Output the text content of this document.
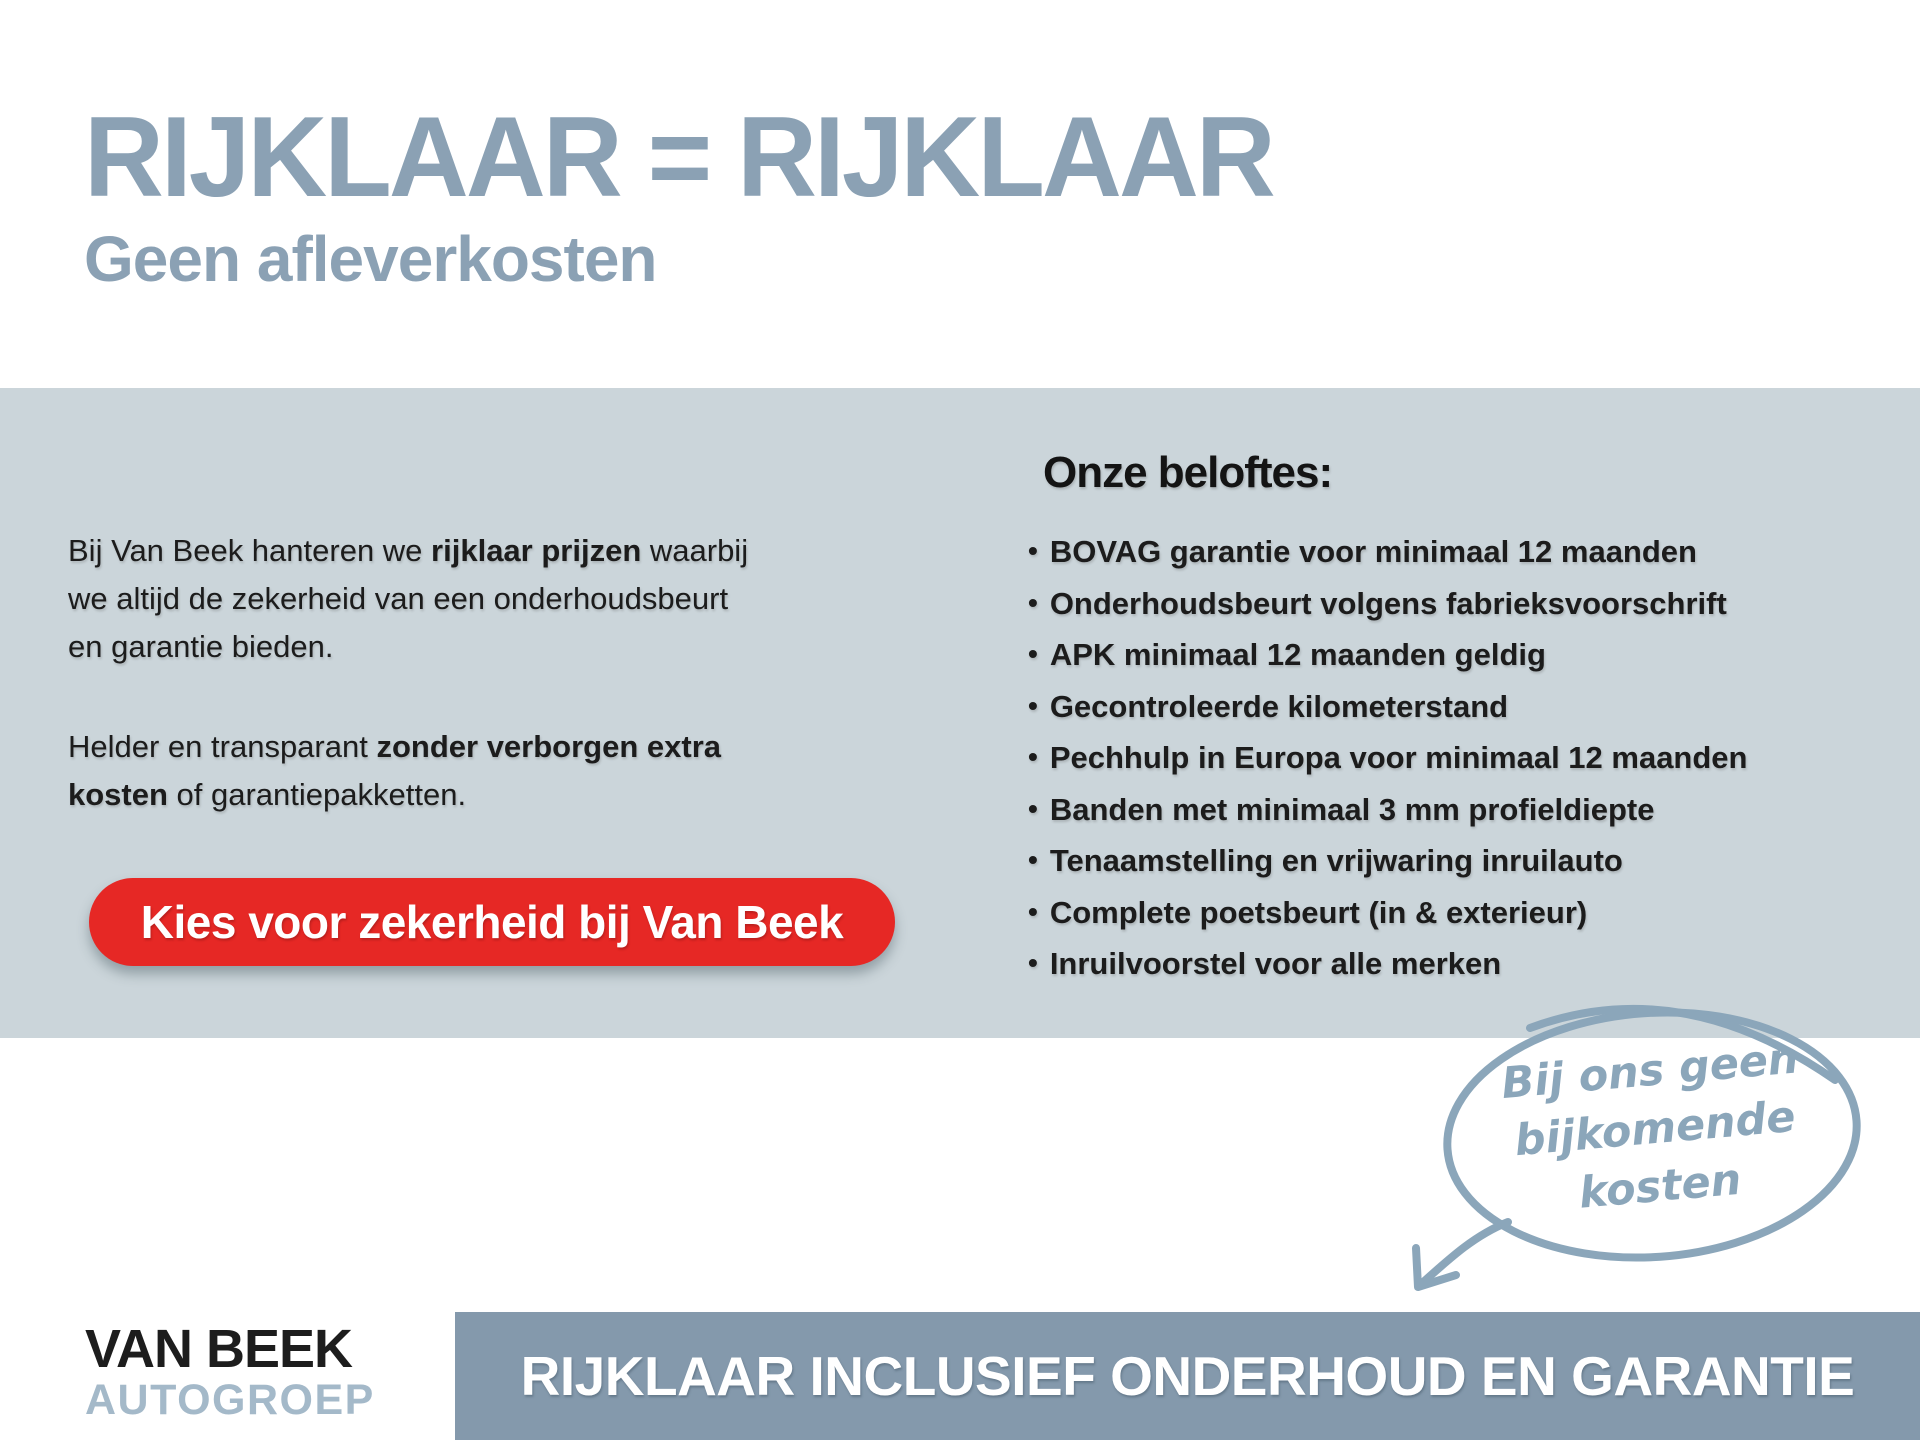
RIJKLAAR = RIJKLAAR
Geen afleverkosten

Bij Van Beek hanteren we rijklaar prijzen waarbij we altijd de zekerheid van een onderhoudsbeurt en garantie bieden.

Helder en transparant zonder verborgen extra kosten of garantiepakketten.

Kies voor zekerheid bij Van Beek
Onze beloftes:
• BOVAG garantie voor minimaal 12 maanden
• Onderhoudsbeurt volgens fabrieksvoorschrift
• APK minimaal 12 maanden geldig
• Gecontroleerde kilometerstand
• Pechhulp in Europa voor minimaal 12 maanden
• Banden met minimaal 3 mm profieldiepte
• Tenaamstelling en vrijwaring inruilauto
• Complete poetsbeurt (in & exterieur)
• Inruilvoorstel voor alle merken
Bij ons geen
bijkomende
kosten
VAN BEEK
AUTOGROEP	RIJKLAAR INCLUSIEF ONDERHOUD EN GARANTIE
